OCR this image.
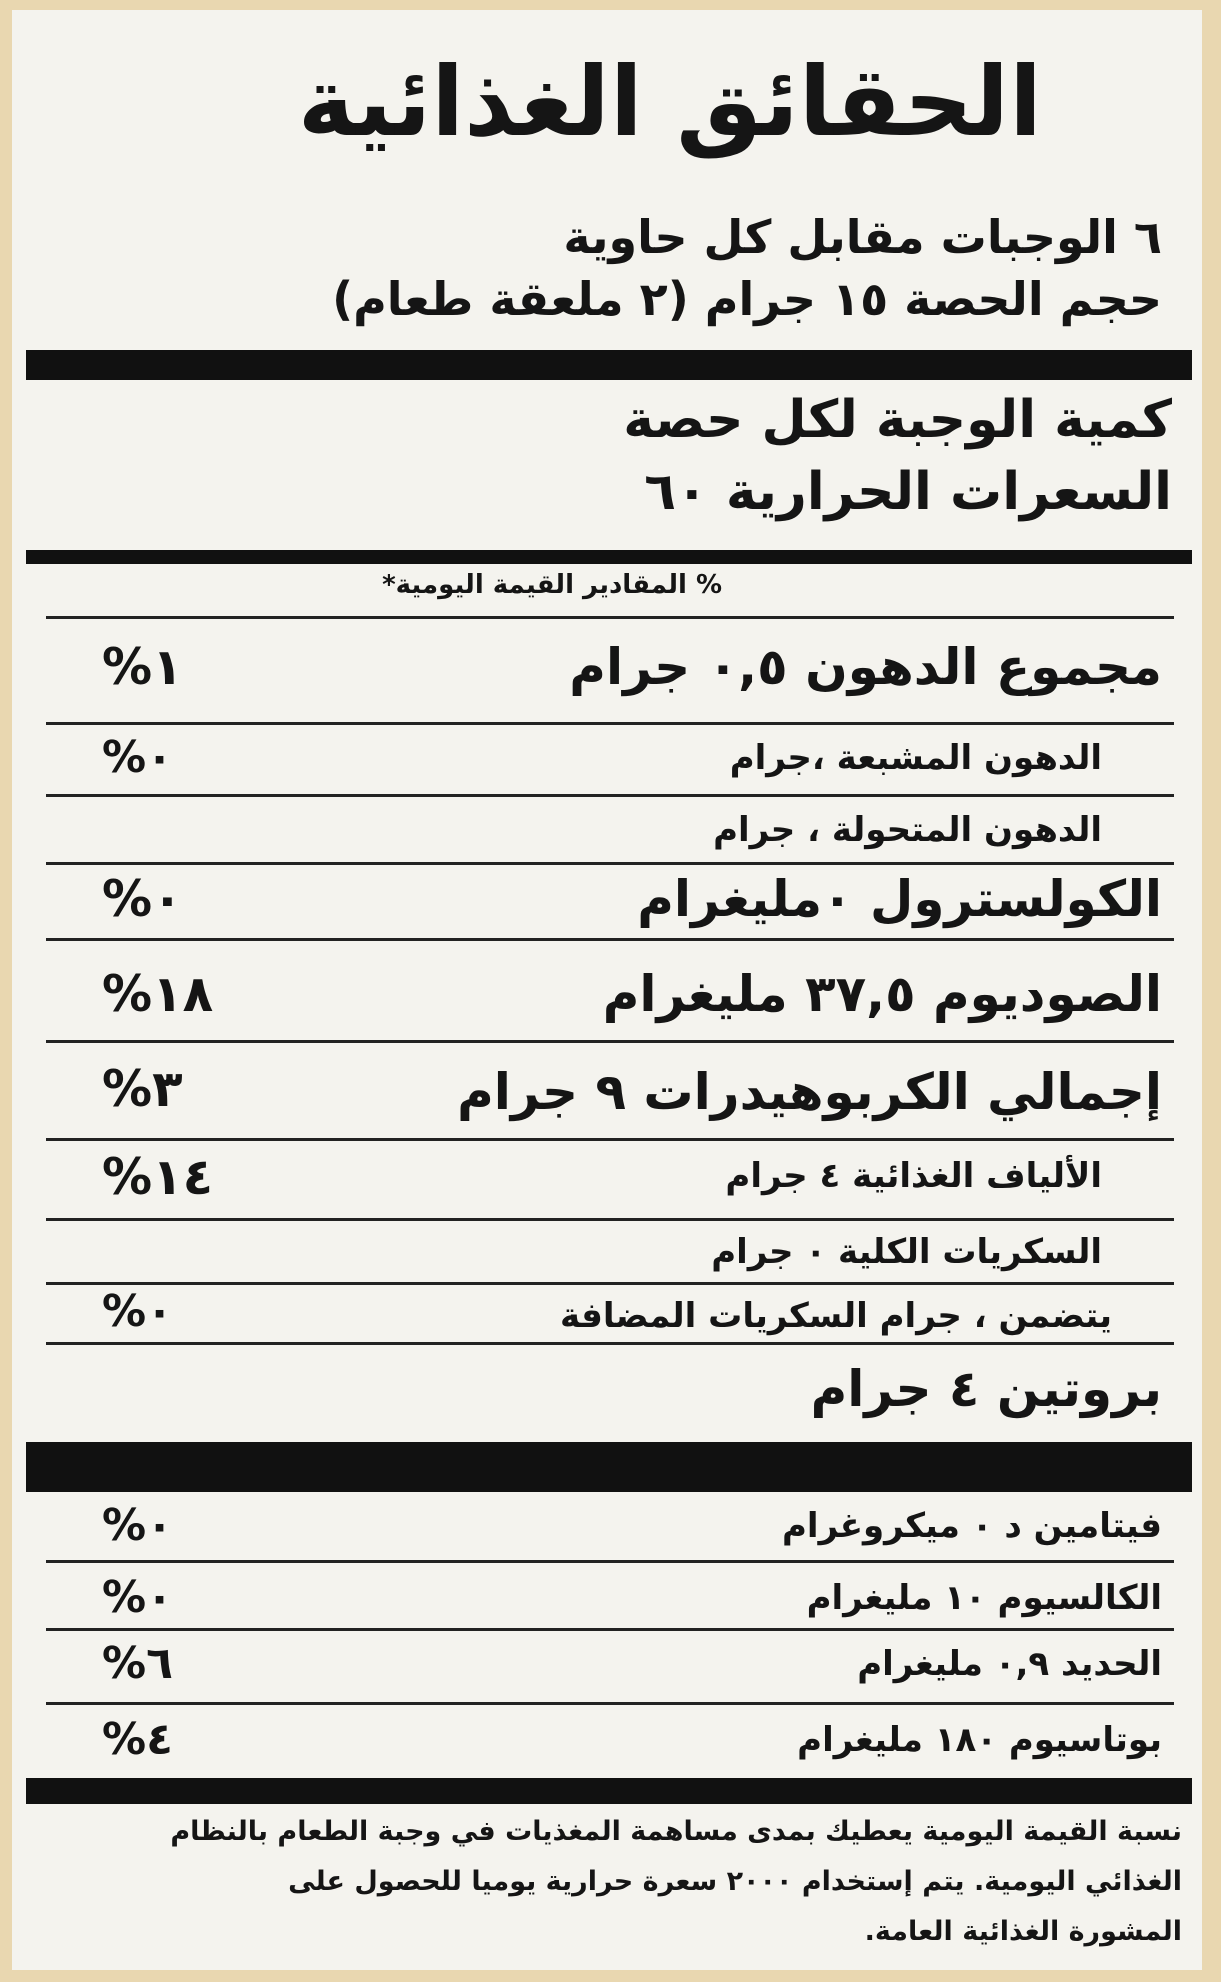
الحقائق الغذائية
٦ الوجبات مقابل كل حاوية
حجم الحصة ١٥ جرام (٢ ملعقة طعام)
كمية الوجبة لكل حصة
السعرات الحرارية ٦٠
% المقادير القيمة اليومية*
مجموع الدهون ٠,٥ جرام
%١
الدهون المشبعة ،جرام
%٠
الدهون المتحولة ، جرام
الكولسترول ٠مليغرام
%٠
الصوديوم ٣٧,٥ مليغرام
%١٨
إجمالي الكربوهيدرات ٩ جرام
%٣
الألياف الغذائية ٤ جرام
%١٤
السكريات الكلية ٠ جرام
يتضمن ، جرام السكريات المضافة
%٠
بروتين ٤ جرام
فيتامين د ٠ ميكروغرام
%٠
الكالسيوم ١٠ مليغرام
%٠
الحديد ٠,٩ مليغرام
%٦
بوتاسيوم ١٨٠ مليغرام
%٤
نسبة القيمة اليومية يعطيك بمدى مساهمة المغذيات في وجبة الطعام بالنظام
الغذائي اليومية. يتم إستخدام ٢٠٠٠ سعرة حرارية يوميا للحصول على
المشورة الغذائية العامة.
